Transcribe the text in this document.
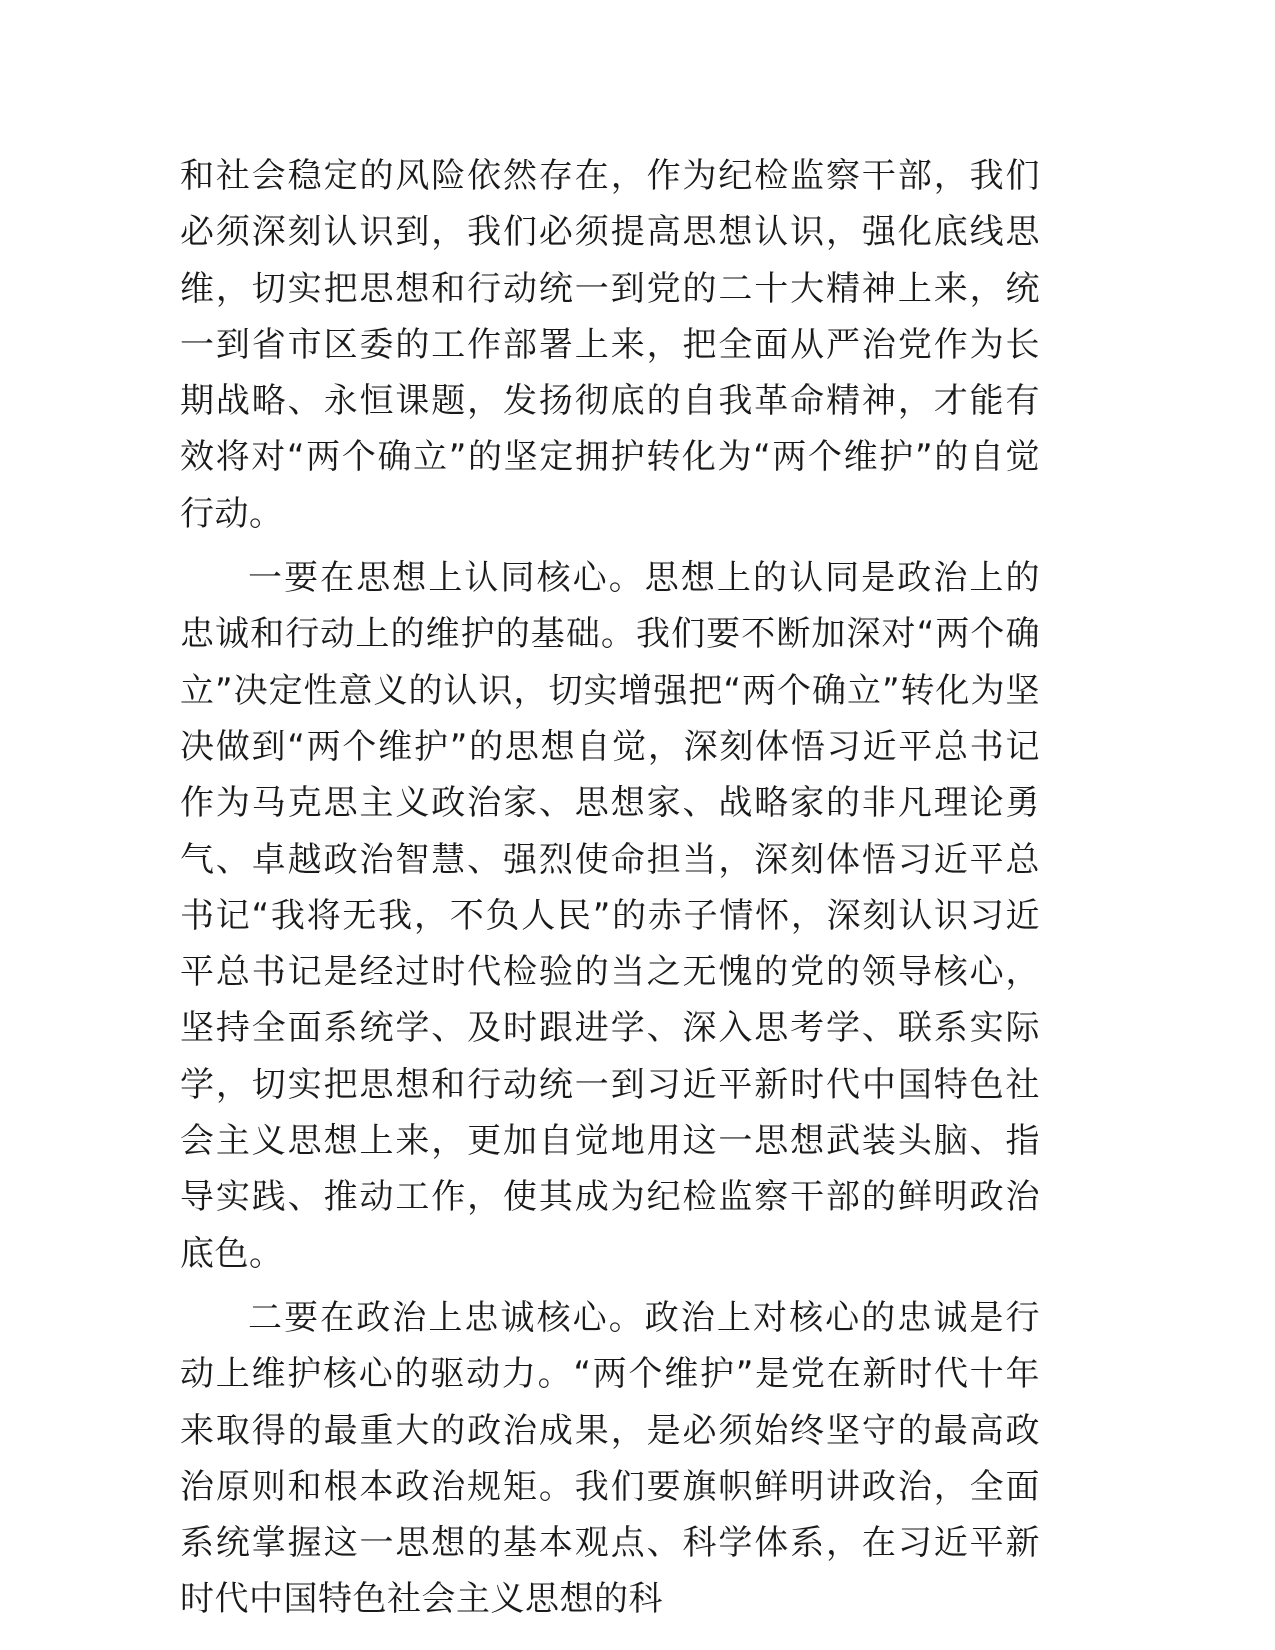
和社会稳定的风险依然存在，作为纪检监察干部，我们必须深刻认识到，我们必须提高思想认识，强化底线思维，切实把思想和行动统一到党的二十大精神上来，统一到省市区委的工作部署上来，把全面从严治党作为长期战略、永恒课题，发扬彻底的自我革命精神，才能有效将对“两个确立”的坚定拥护转化为“两个维护”的自觉行动。

一要在思想上认同核心。思想上的认同是政治上的忠诚和行动上的维护的基础。我们要不断加深对“两个确立”决定性意义的认识，切实增强把“两个确立”转化为坚决做到“两个维护”的思想自觉，深刻体悟习近平总书记作为马克思主义政治家、思想家、战略家的非凡理论勇气、卓越政治智慧、强烈使命担当，深刻体悟习近平总书记“我将无我，不负人民”的赤子情怀，深刻认识习近平总书记是经过时代检验的当之无愧的党的领导核心，坚持全面系统学、及时跟进学、深入思考学、联系实际学，切实把思想和行动统一到习近平新时代中国特色社会主义思想上来，更加自觉地用这一思想武装头脑、指导实践、推动工作，使其成为纪检监察干部的鲜明政治底色。

二要在政治上忠诚核心。政治上对核心的忠诚是行动上维护核心的驱动力。“两个维护”是党在新时代十年来取得的最重大的政治成果，是必须始终坚守的最高政治原则和根本政治规矩。我们要旗帜鲜明讲政治，全面系统掌握这一思想的基本观点、科学体系，在习近平新时代中国特色社会主义思想的科
